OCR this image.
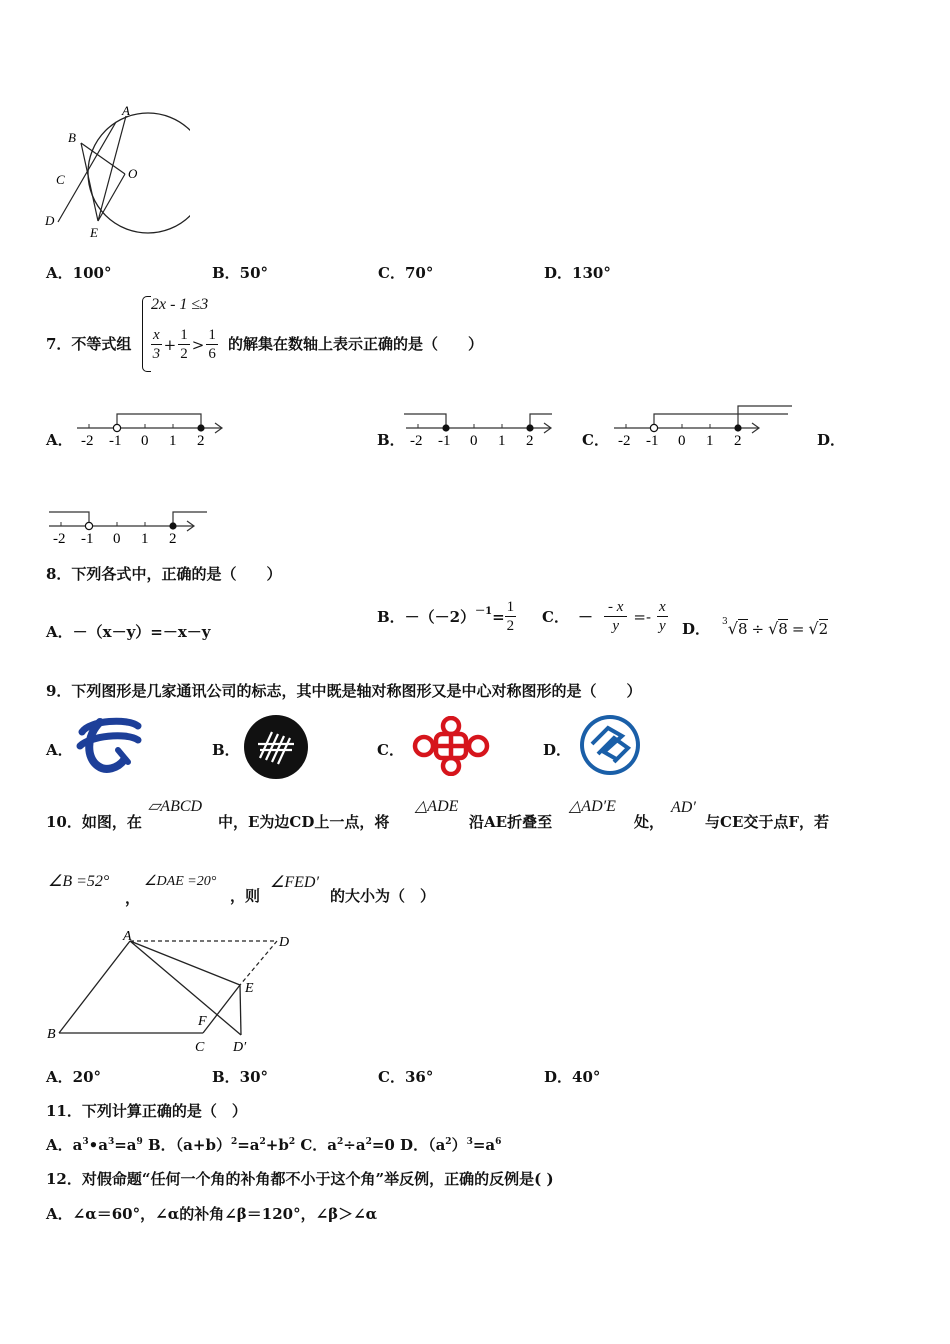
A
B
C
D
E
O
A．100°	B．50°	C．70°	D．130°
7．不等式组
2x - 1 ≤3
$\frac{x}{3} + \frac{1}{2} > \frac{1}{6}$ 的解集在数轴上表示正确的是（　　）
A．	B．	C．	D．
-2 -1 0 1 2	-2 -1 0 1 2	-2 -1 0 1 2
-2 -1 0 1 2
8．下列各式中，正确的是（　　）
A．－（x－y）=－x－y
B．$-(-2) -1 = \frac{1}{2}$ C． － $\frac{- x}{y} =- \frac{x}{y}$ D． 3 √ 8 ÷ √ 8 = √ 2
9．下列图形是几家通讯公司的标志，其中既是轴对称图形又是中心对称图形的是（　　）
A．	B．	C．	D．
10．如图，在
▱ABCD
中，E为边CD上一点，将
△ADE
沿AE折叠至
△AD′E
处，
AD′
与CE交于点F，若
∠B =52°
，
∠DAE =20°
，则
∠FED′
的大小为（　）
A	D
E
F
B
C D′
A．20°	B．30°	C．36°	D．40°
11．下列计算正确的是（　）
A．$a^3•a^3=a^9$ B．$(a+b)^2=a^2+b^2$ C．$a^2\div a^2=0$ D．$(a^2)^3=a^6$
12．对假命题“任何一个角的补角都不小于这个角”举反例，正确的反例是( )
A．∠α＝60°，∠α的补角∠β＝120°，∠β＞∠α
